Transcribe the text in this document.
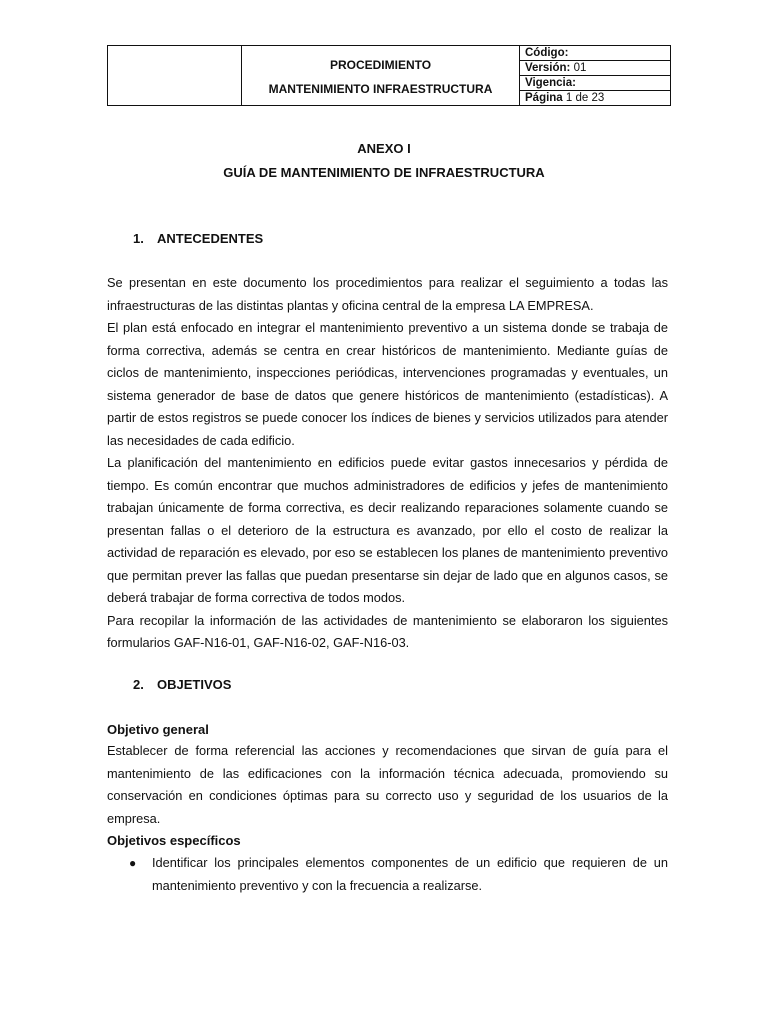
PROCEDIMIENTO
MANTENIMIENTO INFRAESTRUCTURA

Código:
Versión: 01
Vigencia:
Página 1 de 23
ANEXO I
GUÍA DE MANTENIMIENTO DE INFRAESTRUCTURA
1. ANTECEDENTES

Se presentan en este documento los procedimientos para realizar el seguimiento a todas las infraestructuras de las distintas plantas y oficina central de la empresa LA EMPRESA.

El plan está enfocado en integrar el mantenimiento preventivo a un sistema donde se trabaja de forma correctiva, además se centra en crear históricos de mantenimiento. Mediante guías de ciclos de mantenimiento, inspecciones periódicas, intervenciones programadas y eventuales, un sistema generador de base de datos que genere históricos de mantenimiento (estadísticas). A partir de estos registros se puede conocer los índices de bienes y servicios utilizados para atender las necesidades de cada edificio.

La planificación del mantenimiento en edificios puede evitar gastos innecesarios y pérdida de tiempo. Es común encontrar que muchos administradores de edificios y jefes de mantenimiento trabajan únicamente de forma correctiva, es decir realizando reparaciones solamente cuando se presentan fallas o el deterioro de la estructura es avanzado, por ello el costo de realizar la actividad de reparación es elevado, por eso se establecen los planes de mantenimiento preventivo que permitan prever las fallas que puedan presentarse sin dejar de lado que en algunos casos, se deberá trabajar de forma correctiva de todos modos.

Para recopilar la información de las actividades de mantenimiento se elaboraron los siguientes formularios GAF-N16-01, GAF-N16-02, GAF-N16-03.

2. OBJETIVOS
Objetivo general

Establecer de forma referencial las acciones y recomendaciones que sirvan de guía para el mantenimiento de las edificaciones con la información técnica adecuada, promoviendo su conservación en condiciones óptimas para su correcto uso y seguridad de los usuarios de la empresa.

Objetivos específicos
● Identificar los principales elementos componentes de un edificio que requieren de un mantenimiento preventivo y con la frecuencia a realizarse.
